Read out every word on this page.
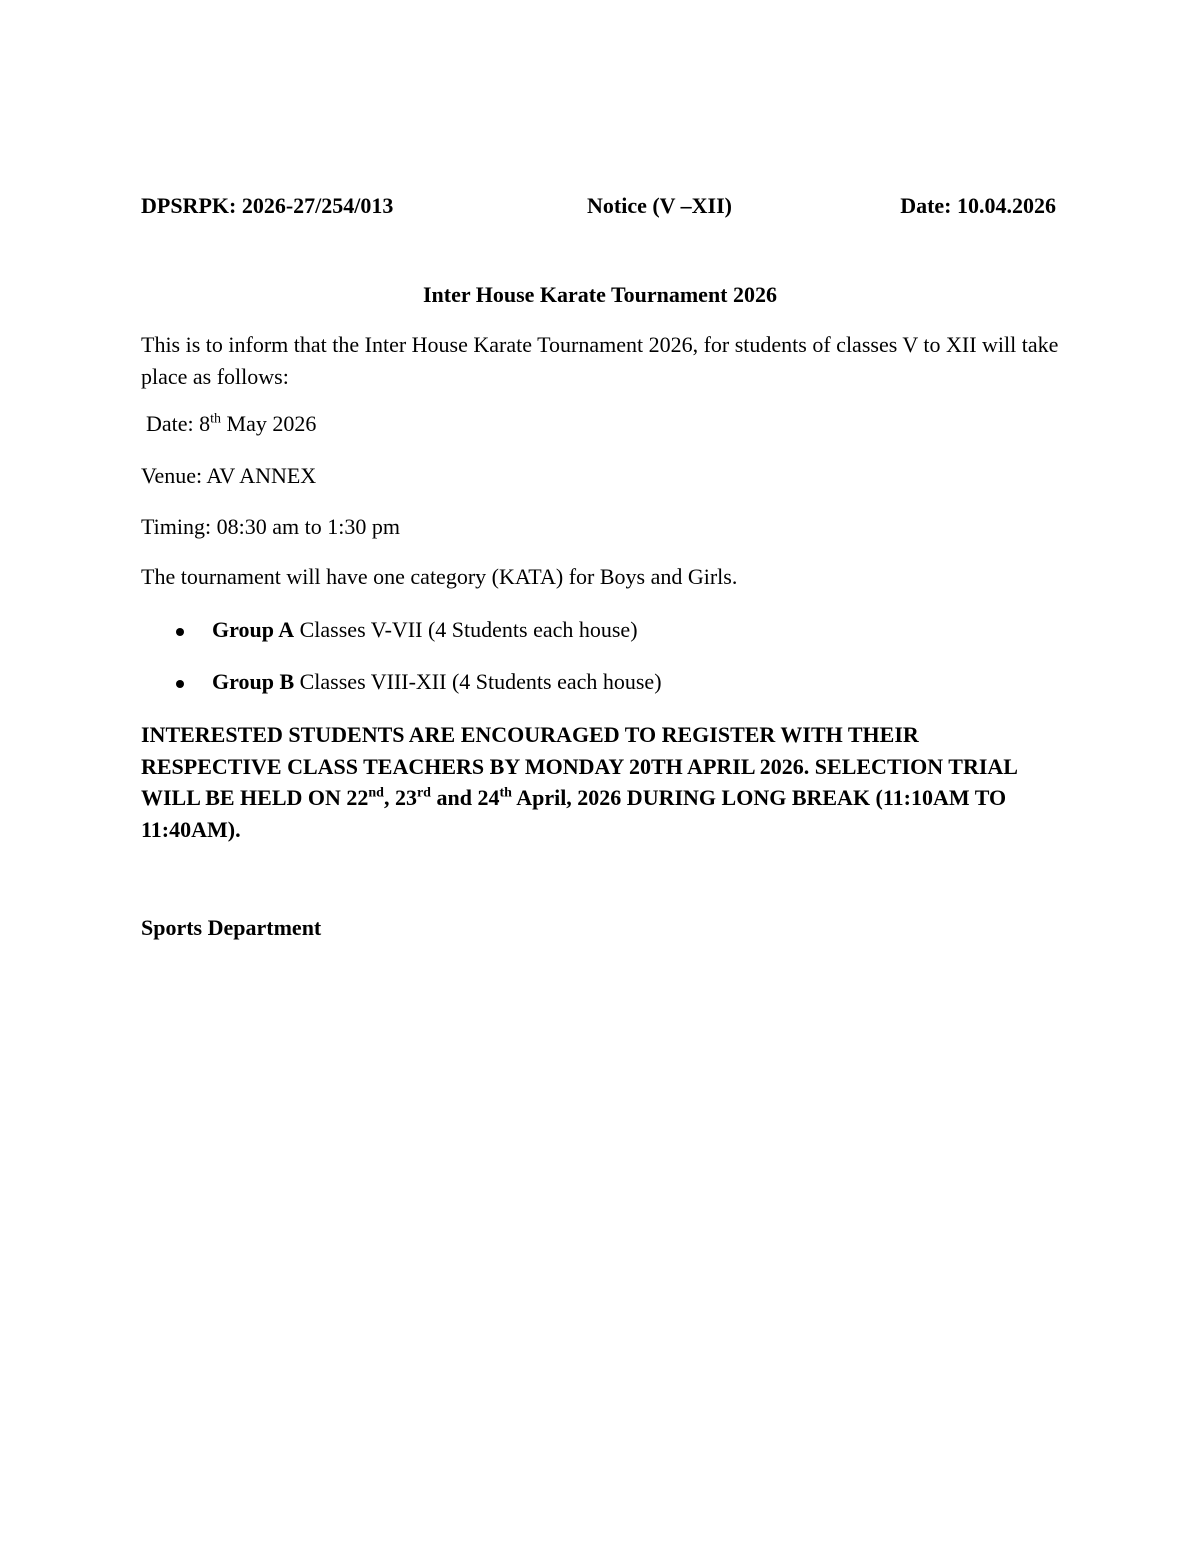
DPSRPK: 2026-27/254/013	Notice (V –XII)	Date: 10.04.2026
Inter House Karate Tournament 2026
This is to inform that the Inter House Karate Tournament 2026, for students of classes V to XII will take place as follows:
Date: 8th May 2026
Venue: AV ANNEX
Timing: 08:30 am to 1:30 pm
The tournament will have one category (KATA) for Boys and Girls.
Group A Classes V-VII (4 Students each house)
Group B Classes VIII-XII (4 Students each house)
INTERESTED STUDENTS ARE ENCOURAGED TO REGISTER WITH THEIR RESPECTIVE CLASS TEACHERS BY MONDAY 20TH APRIL 2026. SELECTION TRIAL WILL BE HELD ON 22nd, 23rd and 24th April, 2026 DURING LONG BREAK (11:10AM TO 11:40AM).
Sports Department
